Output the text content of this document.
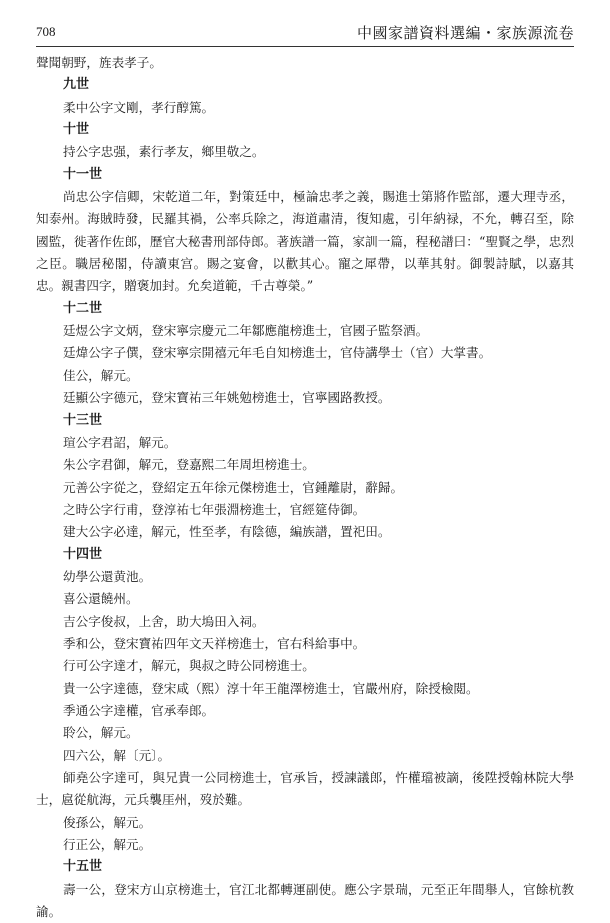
708	中國家譜資料選編・家族源流卷

聲聞朝野，旌表孝子。

九世

柔中公字文剛，孝行醇篤。

十世

持公字忠强，素行孝友，鄉里敬之。

十一世

尚忠公字信卿，宋乾道二年，對策廷中，極論忠孝之義，賜進士第將作監部，遷大理寺丞，知泰州。海賊時發，民羅其禍，公率兵除之，海道肅清，復知處，引年納禄，不允，轉召至，除國監，徙著作佐郎，歷官大秘書刑部侍郎。著族譜一篇，家訓一篇，程秘譜曰：“聖賢之學，忠烈之臣。職居秘閣，侍讀東宫。賜之宴會，以歡其心。寵之犀帶，以華其射。御製詩賦，以嘉其忠。親書四字，贈褒加封。允矣道範，千古尊榮。”

十二世

廷煜公字文炳，登宋寧宗慶元二年鄒應龍榜進士，官國子監祭酒。

廷煒公字子僎，登宋寧宗開禧元年毛自知榜進士，官侍講學士（官）大掌書。

佳公，解元。

廷顯公字德元，登宋寶祐三年姚勉榜進士，官寧國路教授。

十三世

瑄公字君詔，解元。

朱公字君御，解元，登嘉熙二年周坦榜進士。

元善公字從之，登紹定五年徐元傑榜進士，官鍾離尉，辭歸。

之時公字行甫，登淳祐七年張淵榜進士，官經筵侍御。

建大公字必達，解元，性至孝，有陰德，編族譜，置祀田。

十四世

幼學公還黄池。

喜公還饒州。

吉公字俊叔，上舍，助大塢田入祠。

季和公，登宋寶祐四年文天祥榜進士，官右科給事中。

行可公字達才，解元，與叔之時公同榜進士。

貴一公字達德，登宋咸（熙）淳十年王龍澤榜進士，官嚴州府，除授檢閲。

季通公字達權，官承奉郎。

聆公，解元。

四六公，解〔元〕。

師堯公字達可，與兄貴一公同榜進士，官承旨，授諫議郎，忤權璫被謫，後陞授翰林院大學士，扈從航海，元兵襲厓州，歿於難。

俊孫公，解元。

行正公，解元。

十五世

壽一公，登宋方山京榜進士，官江北都轉運副使。應公字景瑞，元至正年間舉人，官餘杭教諭。
